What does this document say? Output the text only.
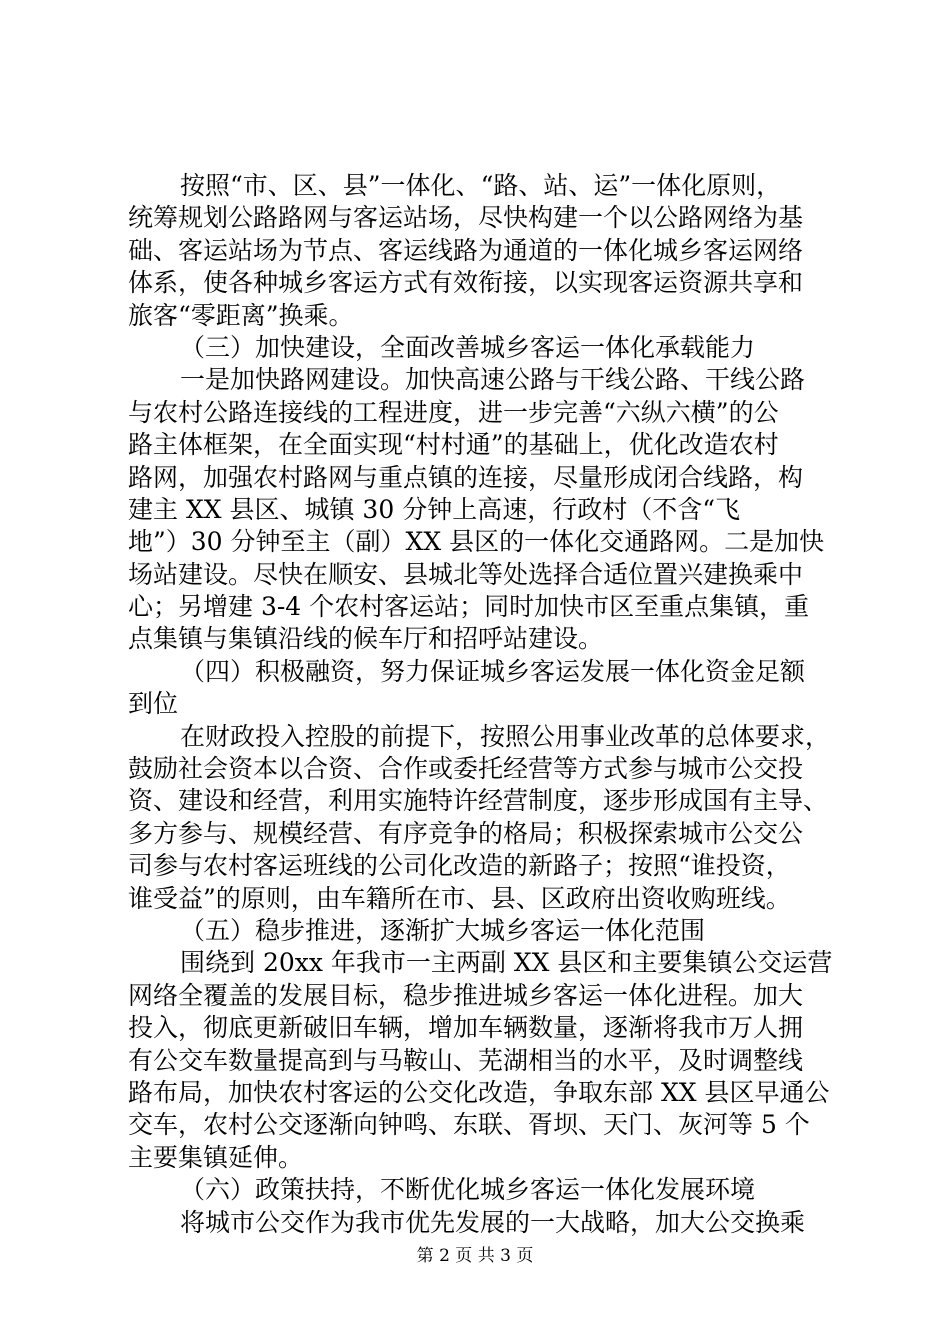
按照“市、区、县”一体化、“路、站、运”一体化原则，
统筹规划公路路网与客运站场，尽快构建一个以公路网络为基
础、客运站场为节点、客运线路为通道的一体化城乡客运网络
体系，使各种城乡客运方式有效衔接，以实现客运资源共享和
旅客“零距离”换乘。
（三）加快建设，全面改善城乡客运一体化承载能力
一是加快路网建设。加快高速公路与干线公路、干线公路
与农村公路连接线的工程进度，进一步完善“六纵六横”的公
路主体框架，在全面实现“村村通”的基础上，优化改造农村
路网，加强农村路网与重点镇的连接，尽量形成闭合线路，构
建主 XX 县区、城镇 30 分钟上高速，行政村（不含“飞
地”）30 分钟至主（副）XX 县区的一体化交通路网。二是加快
场站建设。尽快在顺安、县城北等处选择合适位置兴建换乘中
心；另增建 3-4 个农村客运站；同时加快市区至重点集镇，重
点集镇与集镇沿线的候车厅和招呼站建设。
（四）积极融资，努力保证城乡客运发展一体化资金足额
到位
在财政投入控股的前提下，按照公用事业改革的总体要求，
鼓励社会资本以合资、合作或委托经营等方式参与城市公交投
资、建设和经营，利用实施特许经营制度，逐步形成国有主导、
多方参与、规模经营、有序竞争的格局；积极探索城市公交公
司参与农村客运班线的公司化改造的新路子；按照“谁投资，
谁受益”的原则，由车籍所在市、县、区政府出资收购班线。
（五）稳步推进，逐渐扩大城乡客运一体化范围
围绕到 20xx 年我市一主两副 XX 县区和主要集镇公交运营
网络全覆盖的发展目标，稳步推进城乡客运一体化进程。加大
投入，彻底更新破旧车辆，增加车辆数量，逐渐将我市万人拥
有公交车数量提高到与马鞍山、芜湖相当的水平，及时调整线
路布局，加快农村客运的公交化改造，争取东部 XX 县区早通公
交车，农村公交逐渐向钟鸣、东联、胥坝、天门、灰河等 5 个
主要集镇延伸。
（六）政策扶持，不断优化城乡客运一体化发展环境
将城市公交作为我市优先发展的一大战略，加大公交换乘
第 2 页 共 3 页
